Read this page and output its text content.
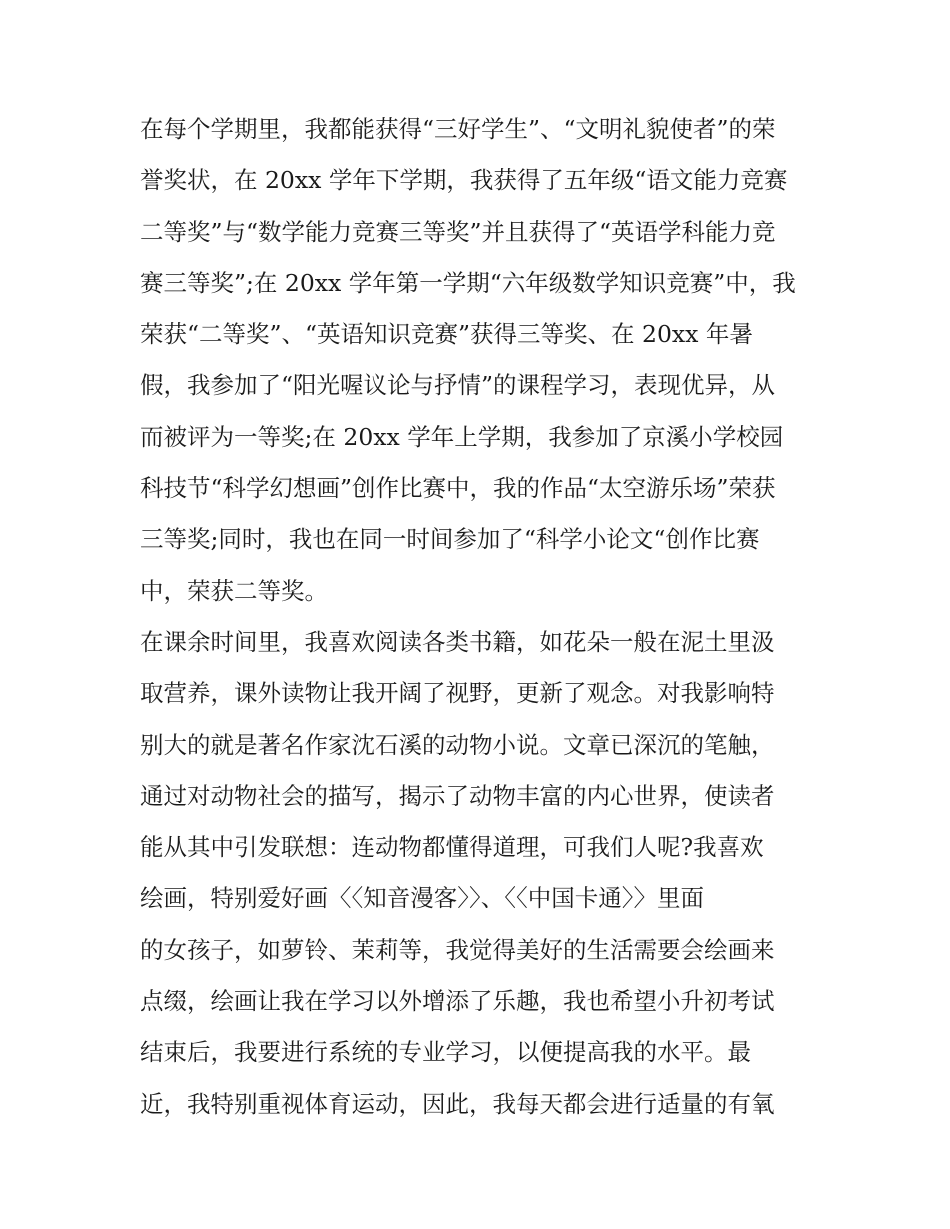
在每个学期里，我都能获得“三好学生”、“文明礼貌使者”的荣
誉奖状，在 20xx 学年下学期，我获得了五年级“语文能力竞赛
二等奖”与“数学能力竞赛三等奖”并且获得了“英语学科能力竞
赛三等奖”;在 20xx 学年第一学期“六年级数学知识竞赛”中，我
荣获“二等奖”、“英语知识竞赛”获得三等奖、在 20xx 年暑
假，我参加了“阳光喔议论与抒情”的课程学习，表现优异，从
而被评为一等奖;在 20xx 学年上学期，我参加了京溪小学校园
科技节“科学幻想画”创作比赛中，我的作品“太空游乐场”荣获
三等奖;同时，我也在同一时间参加了“科学小论文“创作比赛
中，荣获二等奖。
在课余时间里，我喜欢阅读各类书籍，如花朵一般在泥土里汲
取营养，课外读物让我开阔了视野，更新了观念。对我影响特
别大的就是著名作家沈石溪的动物小说。文章已深沉的笔触，
通过对动物社会的描写，揭示了动物丰富的内心世界，使读者
能从其中引发联想：连动物都懂得道理，可我们人呢?我喜欢
绘画，特别爱好画〈〈知音漫客〉〉、〈〈中国卡通〉〉里面
的女孩子，如萝铃、茉莉等，我觉得美好的生活需要会绘画来
点缀，绘画让我在学习以外增添了乐趣，我也希望小升初考试
结束后，我要进行系统的专业学习，以便提高我的水平。最
近，我特别重视体育运动，因此，我每天都会进行适量的有氧
